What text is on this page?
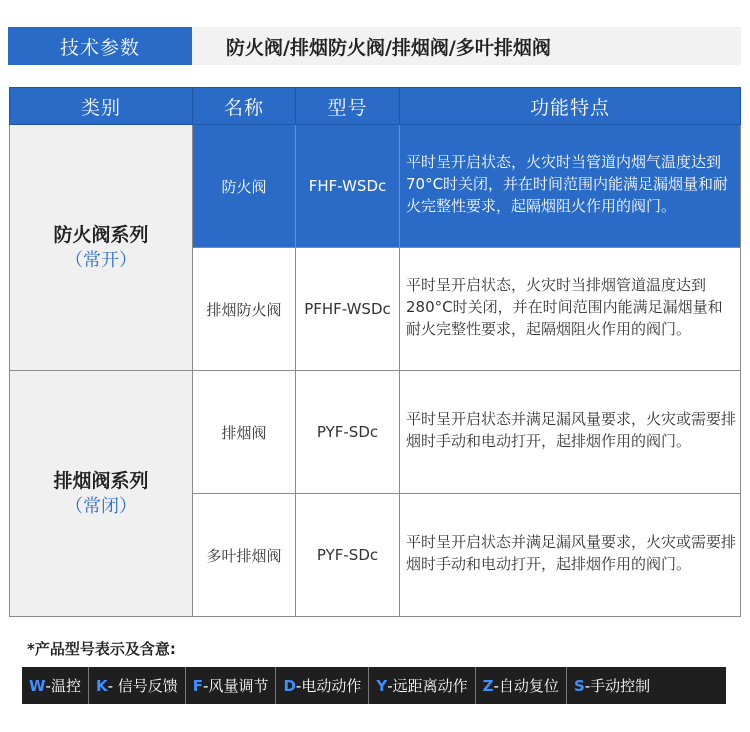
技术参数	防火阀/排烟防火阀/排烟阀/多叶排烟阀
类别	名称	型号	功能特点

防火阀系列
（常开）	防火阀	FHF-WSDc	平时呈开启状态，火灾时当管道内烟气温度达到70°C时关闭，并在时间范围内能满足漏烟量和耐火完整性要求，起隔烟阻火作用的阀门。
	排烟防火阀	PFHF-WSDc	平时呈开启状态，火灾时当排烟管道温度达到280°C时关闭，并在时间范围内能满足漏烟量和耐火完整性要求，起隔烟阻火作用的阀门。

排烟阀系列
（常闭）	排烟阀	PYF-SDc	平时呈开启状态并满足漏风量要求，火灾或需要排烟时手动和电动打开，起排烟作用的阀门。
	多叶排烟阀	PYF-SDc	平时呈开启状态并满足漏风量要求，火灾或需要排烟时手动和电动打开，起排烟作用的阀门。
*产品型号表示及含意:
W -温控 K - 信号反馈 F -风量调节 D -电动动作 Y -远距离动作 Z -自动复位 S -手动控制
